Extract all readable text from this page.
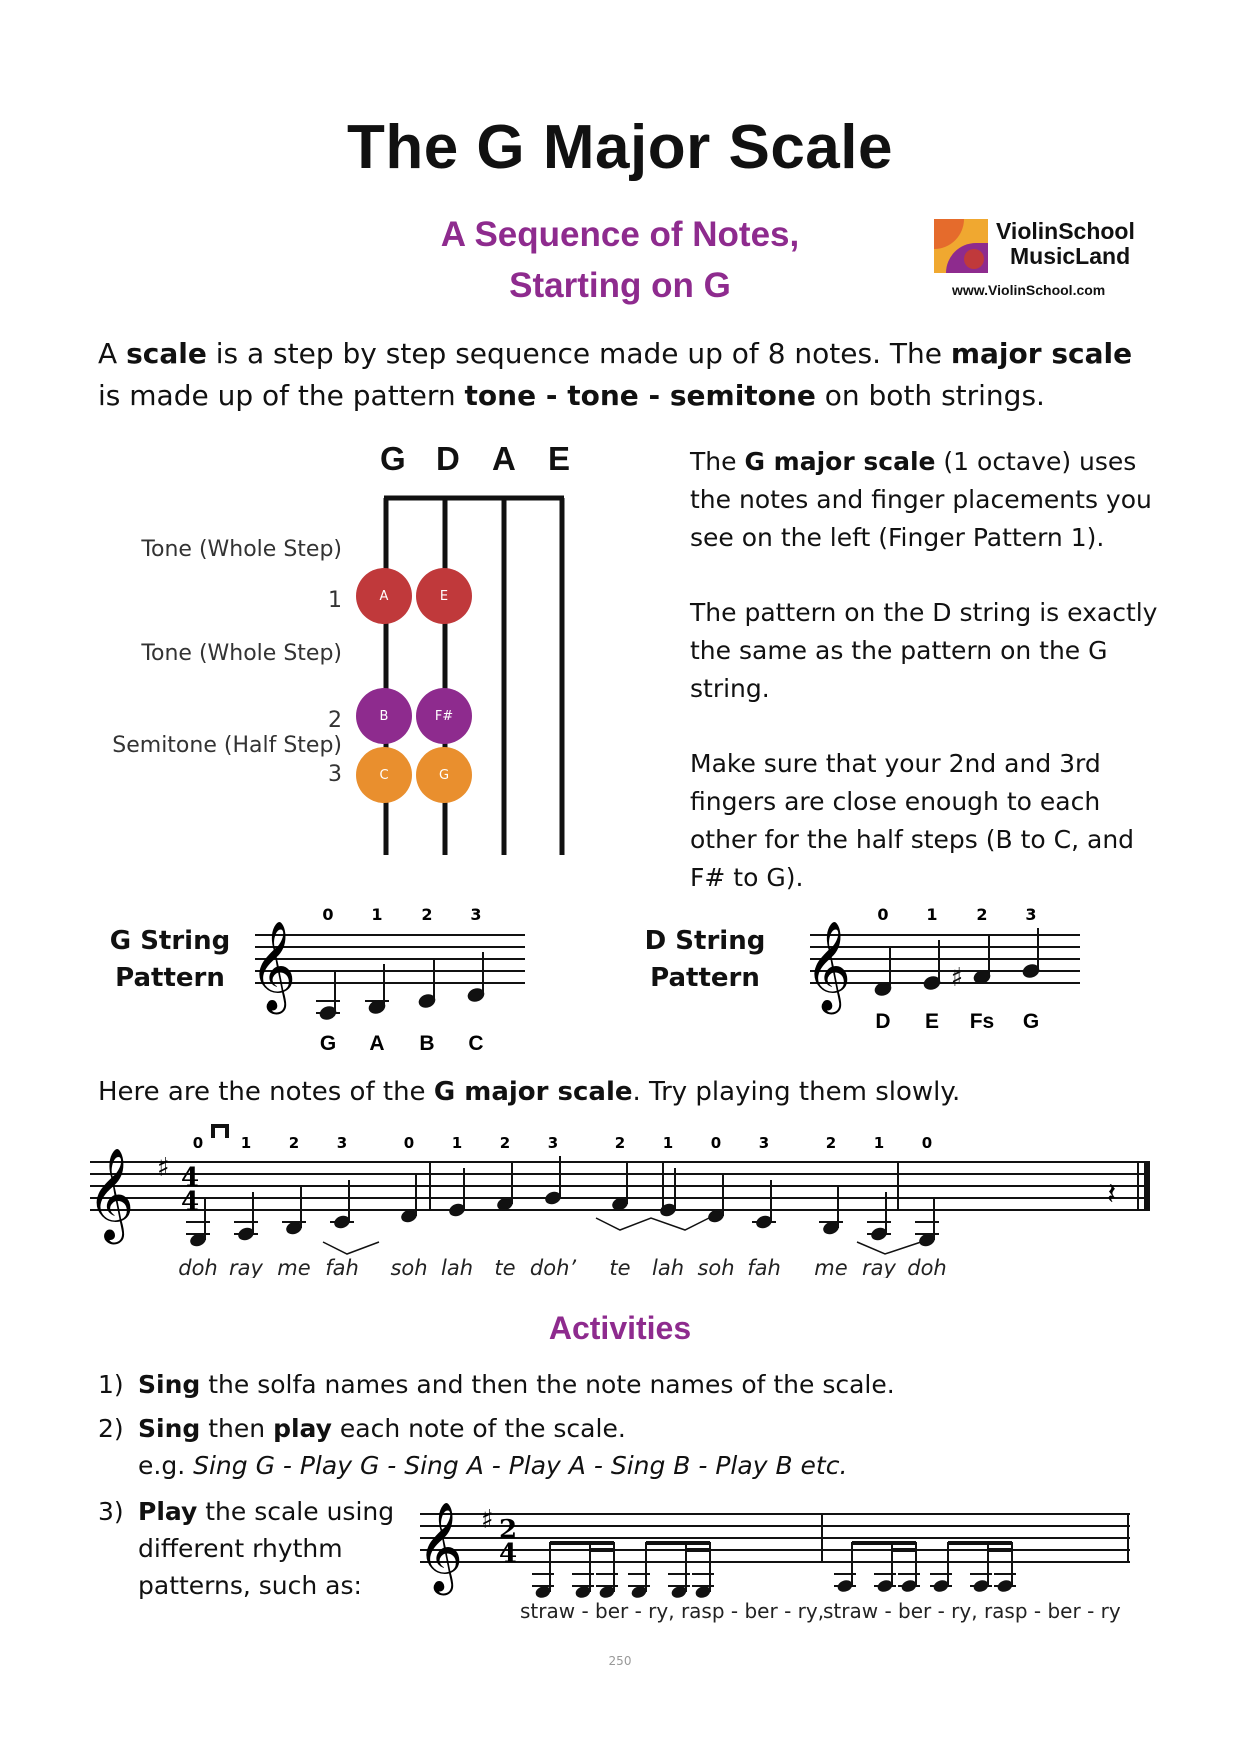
The G Major Scale
A Sequence of Notes,
Starting on G
ViolinSchool
MusicLand
www.ViolinSchool.com
A scale is a step by step sequence made up of 8 notes. The major scale is made up of the pattern tone - tone - semitone on both strings.
G D A E
A	E
B	F#
C	G
Tone (Whole Step)
1
Tone (Whole Step)
2
Semitone (Half Step)
3

The G major scale (1 octave) uses the notes and finger placements you see on the left (Finger Pattern 1).

The pattern on the D string is exactly the same as the pattern on the G string.

Make sure that your 2nd and 3rd fingers are close enough to each other for the half steps (B to C, and F# to G).

G String
Pattern 𝄞
0 1 2 3
G A B C
D String
Pattern 𝄞
0 1 2 3
♯
D E Fs G
Here are the notes of the G major scale. Try playing them slowly.
𝄞 ♯ 4
4	𝄽
0
doh
1
ray
2
me
3
fah
0
soh
1
lah
2
te
3
doh’
2
te
1
lah
0
soh
3
fah
2
me
1
ray
0
doh
Activities
1) Sing the solfa names and then the note names of the scale.
2) Sing then play each note of the scale.
e.g. Sing G - Play G - Sing A - Play A - Sing B - Play B etc.
3) Play the scale using
different rhythm
patterns, such as: 𝄞 ♯ 2
4
straw - ber - ry, rasp - ber - ry,
straw - ber - ry, rasp - ber - ry
250
